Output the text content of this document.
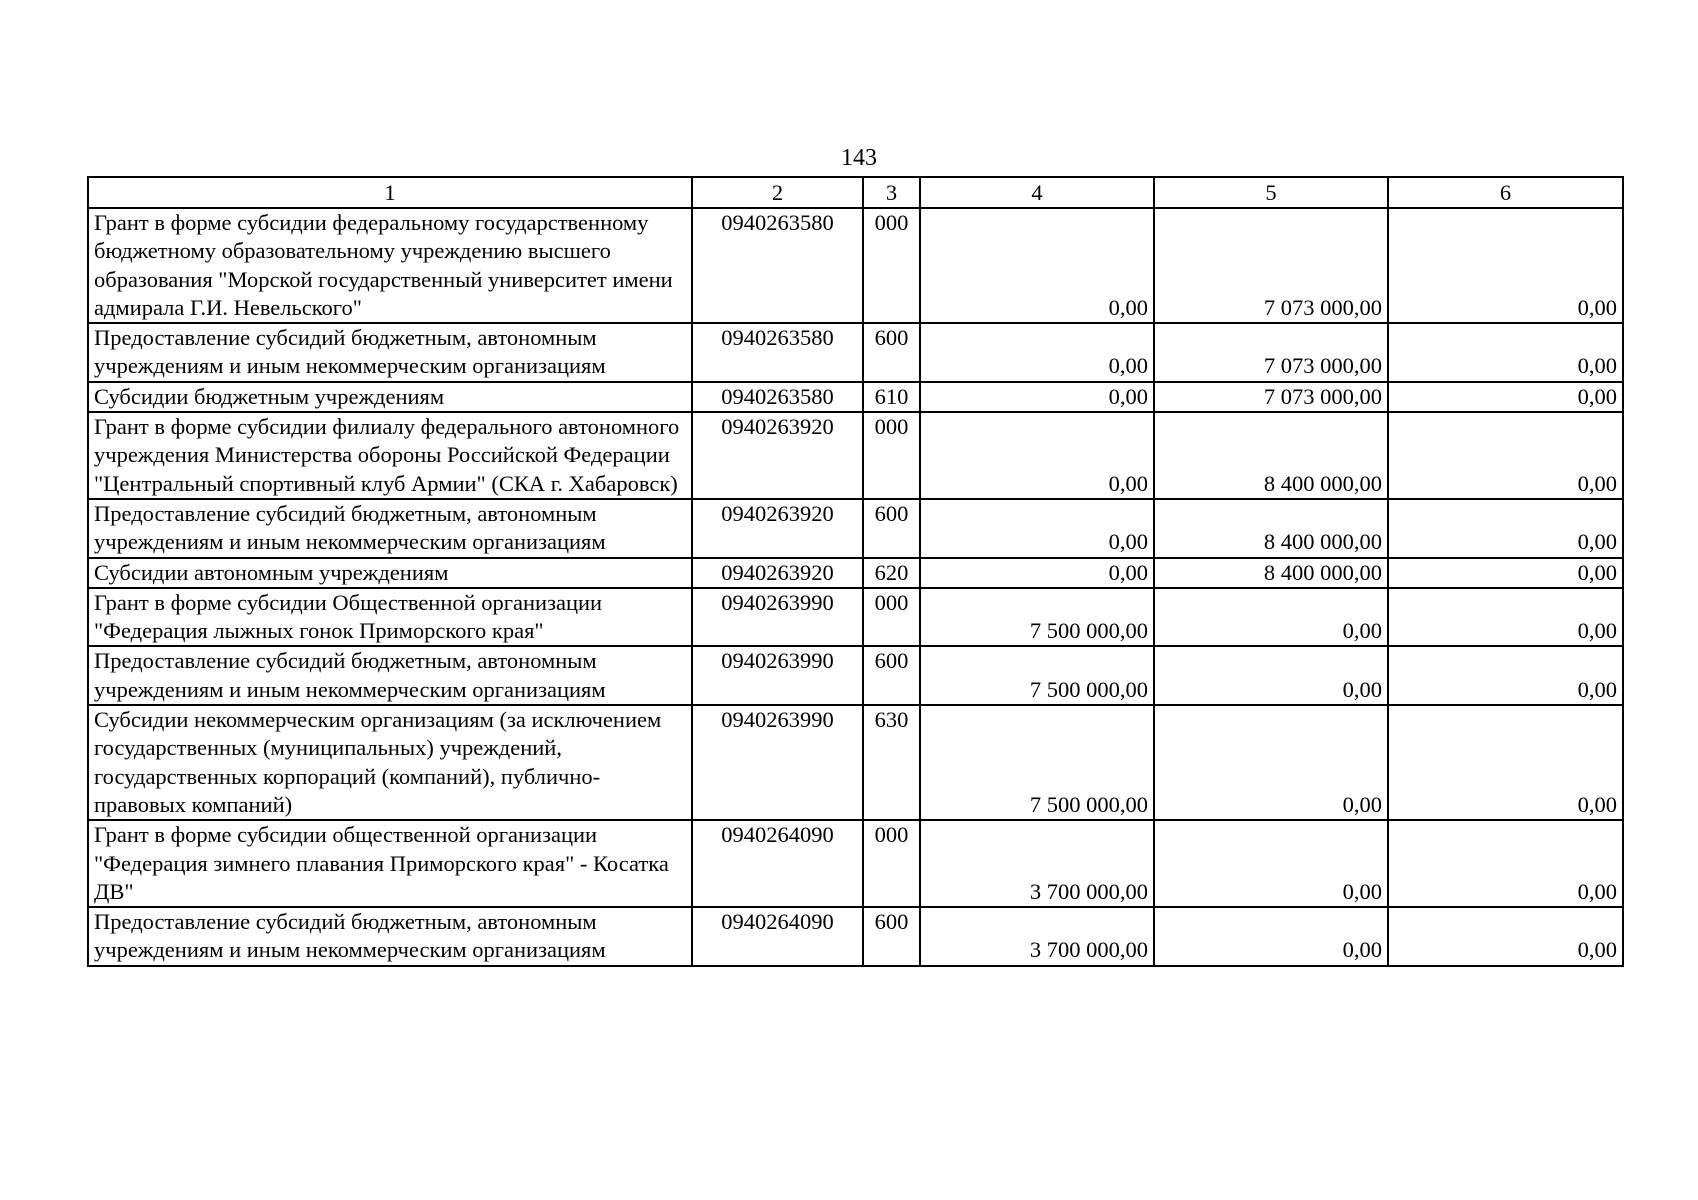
143
1	2	3	4	5	6
Грант в форме субсидии федеральному государственному бюджетному образовательному учреждению высшего образования "Морской государственный университет имени адмирала Г.И. Невельского"	0940263580	000	0,00	7 073 000,00	0,00
Предоставление субсидий бюджетным, автономным учреждениям и иным некоммерческим организациям	0940263580	600	0,00	7 073 000,00	0,00
Субсидии бюджетным учреждениям	0940263580	610	0,00	7 073 000,00	0,00
Грант в форме субсидии филиалу федерального автономного учреждения Министерства обороны Российской Федерации "Центральный спортивный клуб Армии" (СКА г. Хабаровск)	0940263920	000	0,00	8 400 000,00	0,00
Предоставление субсидий бюджетным, автономным учреждениям и иным некоммерческим организациям	0940263920	600	0,00	8 400 000,00	0,00
Субсидии автономным учреждениям	0940263920	620	0,00	8 400 000,00	0,00
Грант в форме субсидии Общественной организации "Федерация лыжных гонок Приморского края"	0940263990	000	7 500 000,00	0,00	0,00
Предоставление субсидий бюджетным, автономным учреждениям и иным некоммерческим организациям	0940263990	600	7 500 000,00	0,00	0,00
Субсидии некоммерческим организациям (за исключением государственных (муниципальных) учреждений, государственных корпораций (компаний), публично-правовых компаний)	0940263990	630	7 500 000,00	0,00	0,00
Грант в форме субсидии общественной организации "Федерация зимнего плавания Приморского края" - Косатка ДВ"	0940264090	000	3 700 000,00	0,00	0,00
Предоставление субсидий бюджетным, автономным учреждениям и иным некоммерческим организациям	0940264090	600	3 700 000,00	0,00	0,00
